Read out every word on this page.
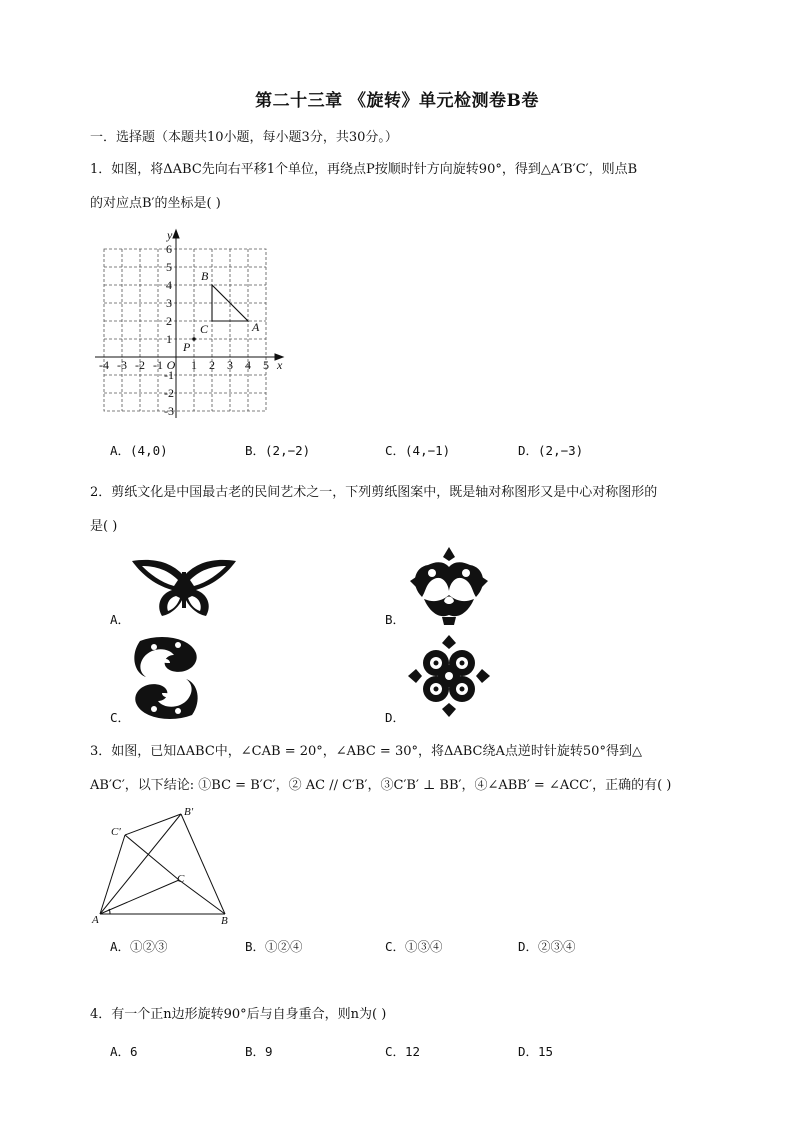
第二十三章 《旋转》单元检测卷B卷
一．选择题（本题共10小题，每小题3分，共30分。）
1．如图，将ΔABC先向右平移1个单位，再绕点P按顺时针方向旋转90°，得到△A′B′C′，则点B
的对应点B′的坐标是( )
-4 -3 -2 -1 O 1 2 3 4 5 x
6
5
4
3
2
1
-1
-2
-3
y
B
A
C
P
A．(4,0)	B．(2,−2)	C．(4,−1)	D．(2,−3)
2．剪纸文化是中国最古老的民间艺术之一，下列剪纸图案中，既是轴对称图形又是中心对称图形的
是( )
A．	B．
C．	D．
3．如图，已知ΔABC中，∠CAB = 20°，∠ABC = 30°，将ΔABC绕A点逆时针旋转50°得到△
AB′C′，以下结论: ①BC = B′C′，② AC // C′B′，③C′B′ ⊥ BB′，④∠ABB′ = ∠ACC′，正确的有( )
A	B
C
B′
C′
A．①②③	B．①②④	C．①③④	D．②③④
4．有一个正n边形旋转90°后与自身重合，则n为( )
A．6	B．9	C．12	D．15
